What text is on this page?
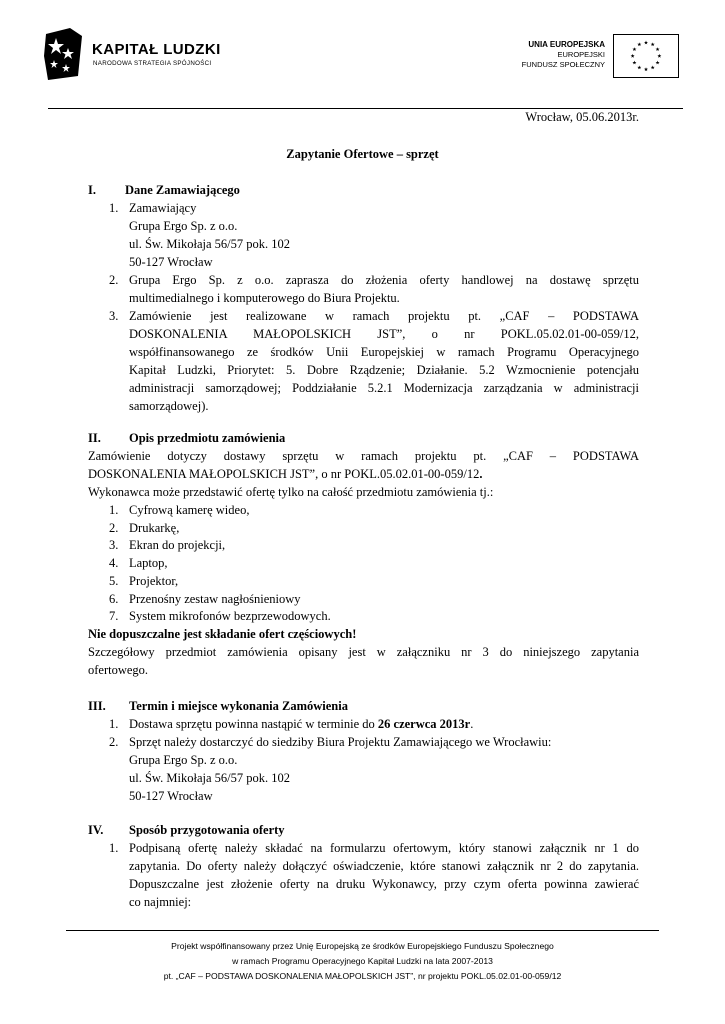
KAPITAŁ LUDZKI
NARODOWA STRATEGIA SPÓJNOŚCI
UNIA EUROPEJSKA
EUROPEJSKI
FUNDUSZ SPOŁECZNY
Wrocław, 05.06.2013r.
Zapytanie Ofertowe – sprzęt
I. Dane Zamawiającego
1. Zamawiający
Grupa Ergo Sp. z o.o.
ul. Św. Mikołaja 56/57 pok. 102
50-127 Wrocław
2. Grupa Ergo Sp. z o.o. zaprasza do złożenia oferty handlowej na dostawę sprzętu
multimedialnego i komputerowego do Biura Projektu.
3. Zamówienie jest realizowane w ramach projektu pt. „CAF – PODSTAWA
DOSKONALENIA MAŁOPOLSKICH JST”, o nr POKL.05.02.01-00-059/12,
współfinansowanego ze środków Unii Europejskiej w ramach Programu Operacyjnego
Kapitał Ludzki, Priorytet: 5. Dobre Rządzenie; Działanie. 5.2 Wzmocnienie potencjału
administracji samorządowej; Poddziałanie 5.2.1 Modernizacja zarządzania w administracji
samorządowej).
II. Opis przedmiotu zamówienia
Zamówienie dotyczy dostawy sprzętu w ramach projektu pt. „CAF – PODSTAWA
DOSKONALENIA MAŁOPOLSKICH JST”, o nr POKL.05.02.01-00-059/12.
Wykonawca może przedstawić ofertę tylko na całość przedmiotu zamówienia tj.:
1. Cyfrową kamerę wideo,
2. Drukarkę,
3. Ekran do projekcji,
4. Laptop,
5. Projektor,
6. Przenośny zestaw nagłośnieniowy
7. System mikrofonów bezprzewodowych.
Nie dopuszczalne jest składanie ofert częściowych!
Szczegółowy przedmiot zamówienia opisany jest w załączniku nr 3 do niniejszego zapytania
ofertowego.
III. Termin i miejsce wykonania Zamówienia
1. Dostawa sprzętu powinna nastąpić w terminie do 26 czerwca 2013r.
2. Sprzęt należy dostarczyć do siedziby Biura Projektu Zamawiającego we Wrocławiu:
Grupa Ergo Sp. z o.o.
ul. Św. Mikołaja 56/57 pok. 102
50-127 Wrocław
IV. Sposób przygotowania oferty
1. Podpisaną ofertę należy składać na formularzu ofertowym, który stanowi załącznik nr 1 do
zapytania. Do oferty należy dołączyć oświadczenie, które stanowi załącznik nr 2 do zapytania.
Dopuszczalne jest złożenie oferty na druku Wykonawcy, przy czym oferta powinna zawierać
co najmniej:
Projekt współfinansowany przez Unię Europejską ze środków Europejskiego Funduszu Społecznego
w ramach Programu Operacyjnego Kapitał Ludzki na lata 2007-2013
pt. „CAF – PODSTAWA DOSKONALENIA MAŁOPOLSKICH JST”, nr projektu POKL.05.02.01-00-059/12
